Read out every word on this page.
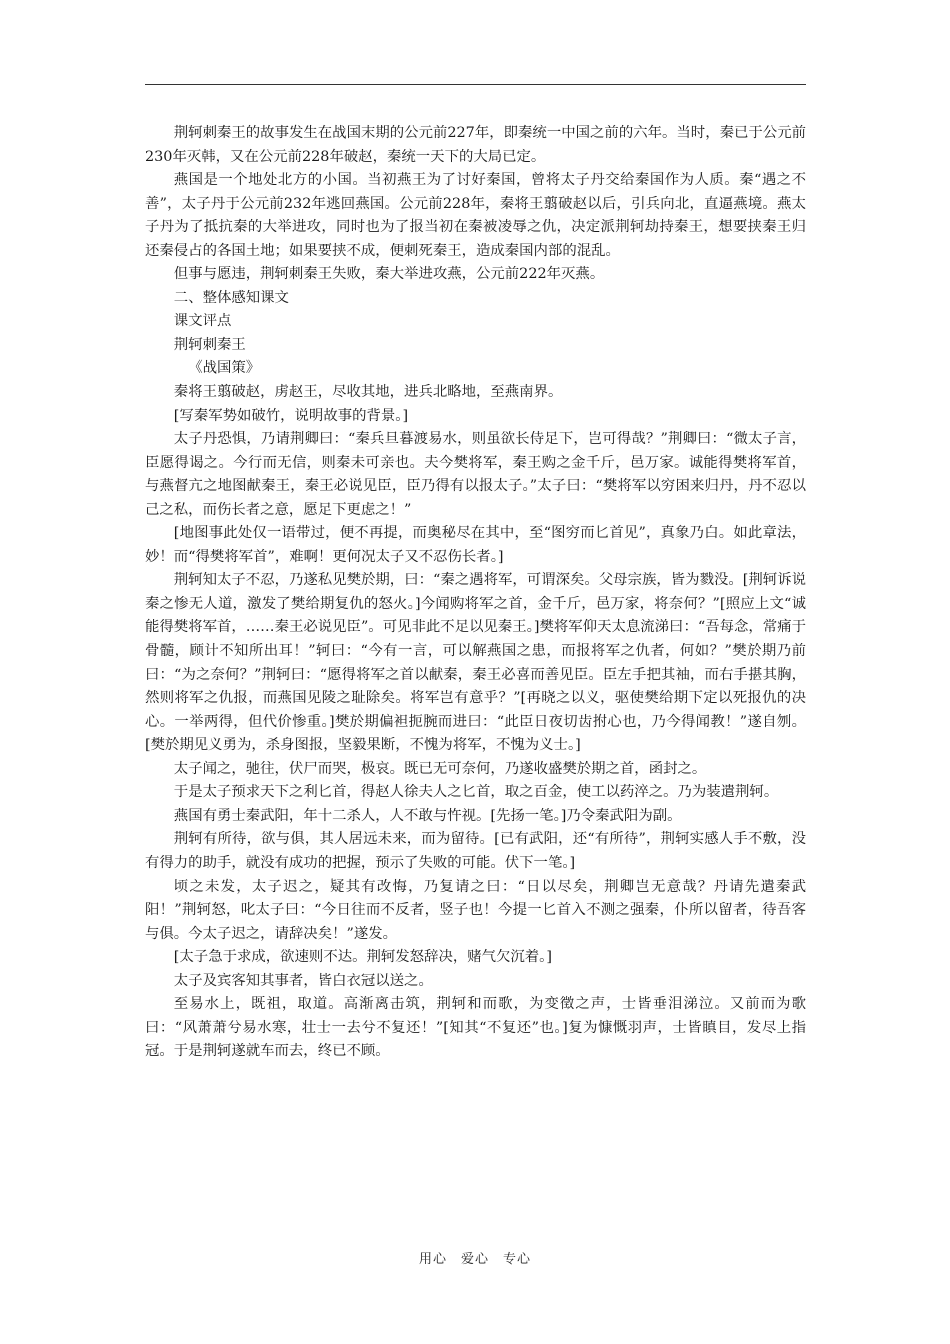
荆轲刺秦王的故事发生在战国末期的公元前227年，即秦统一中国之前的六年。当时，秦已于公元前230年灭韩，又在公元前228年破赵，秦统一天下的大局已定。

燕国是一个地处北方的小国。当初燕王为了讨好秦国，曾将太子丹交给秦国作为人质。秦“遇之不善”，太子丹于公元前232年逃回燕国。公元前228年，秦将王翦破赵以后，引兵向北，直逼燕境。燕太子丹为了抵抗秦的大举进攻，同时也为了报当初在秦被凌辱之仇，决定派荆轲劫持秦王，想要挟秦王归还秦侵占的各国土地；如果要挟不成，便刺死秦王，造成秦国内部的混乱。

但事与愿违，荆轲刺秦王失败，秦大举进攻燕，公元前222年灭燕。

二、整体感知课文

课文评点

荆轲刺秦王

《战国策》

秦将王翦破赵，虏赵王，尽收其地，进兵北略地，至燕南界。

[写秦军势如破竹，说明故事的背景。]

太子丹恐惧，乃请荆卿曰：“秦兵旦暮渡易水，则虽欲长侍足下，岂可得哉？”荆卿曰：“微太子言，臣愿得谒之。今行而无信，则秦未可亲也。夫今樊将军，秦王购之金千斤，邑万家。诚能得樊将军首，与燕督亢之地图献秦王，秦王必说见臣，臣乃得有以报太子。”太子曰：“樊将军以穷困来归丹，丹不忍以己之私，而伤长者之意，愿足下更虑之！”

[地图事此处仅一语带过，便不再提，而奥秘尽在其中，至“图穷而匕首见”，真象乃白。如此章法，妙！而“得樊将军首”，难啊！更何况太子又不忍伤长者。]

荆轲知太子不忍，乃遂私见樊於期，曰：“秦之遇将军，可谓深矣。父母宗族，皆为戮没。[荆轲诉说秦之惨无人道，激发了樊给期复仇的怒火。]今闻购将军之首，金千斤，邑万家，将奈何？”[照应上文“诚能得樊将军首，……秦王必说见臣”。可见非此不足以见秦王。]樊将军仰天太息流涕曰：“吾每念，常痛于骨髓，顾计不知所出耳！”轲曰：“今有一言，可以解燕国之患，而报将军之仇者，何如？”樊於期乃前曰：“为之奈何？”荆轲曰：“愿得将军之首以献秦，秦王必喜而善见臣。臣左手把其袖，而右手揕其胸，然则将军之仇报，而燕国见陵之耻除矣。将军岂有意乎？”[再晓之以义，驱使樊给期下定以死报仇的决心。一举两得，但代价惨重。]樊於期偏袒扼腕而进曰：“此臣日夜切齿拊心也，乃今得闻教！”遂自刎。[樊於期见义勇为，杀身图报，坚毅果断，不愧为将军，不愧为义士。]

太子闻之，驰往，伏尸而哭，极哀。既已无可奈何，乃遂收盛樊於期之首，函封之。

于是太子预求天下之利匕首，得赵人徐夫人之匕首，取之百金，使工以药淬之。乃为装遣荆轲。

燕国有勇士秦武阳，年十二杀人，人不敢与忤视。[先扬一笔。]乃令秦武阳为副。

荆轲有所待，欲与俱，其人居远未来，而为留待。[已有武阳，还“有所待”，荆轲实感人手不敷，没有得力的助手，就没有成功的把握，预示了失败的可能。伏下一笔。]

顷之未发，太子迟之，疑其有改悔，乃复请之曰：“日以尽矣，荆卿岂无意哉？丹请先遣秦武阳！”荆轲怒，叱太子曰：“今日往而不反者，竖子也！今提一匕首入不测之强秦，仆所以留者，待吾客与俱。今太子迟之，请辞决矣！”遂发。

[太子急于求成，欲速则不达。荆轲发怒辞决，赌气欠沉着。]

太子及宾客知其事者，皆白衣冠以送之。

至易水上，既祖，取道。高渐离击筑，荆轲和而歌，为变徵之声，士皆垂泪涕泣。又前而为歌曰：“风萧萧兮易水寒，壮士一去兮不复还！”[知其“不复还”也。]复为慷慨羽声，士皆瞋目，发尽上指冠。于是荆轲遂就车而去，终已不顾。

用心　爱心　专心
